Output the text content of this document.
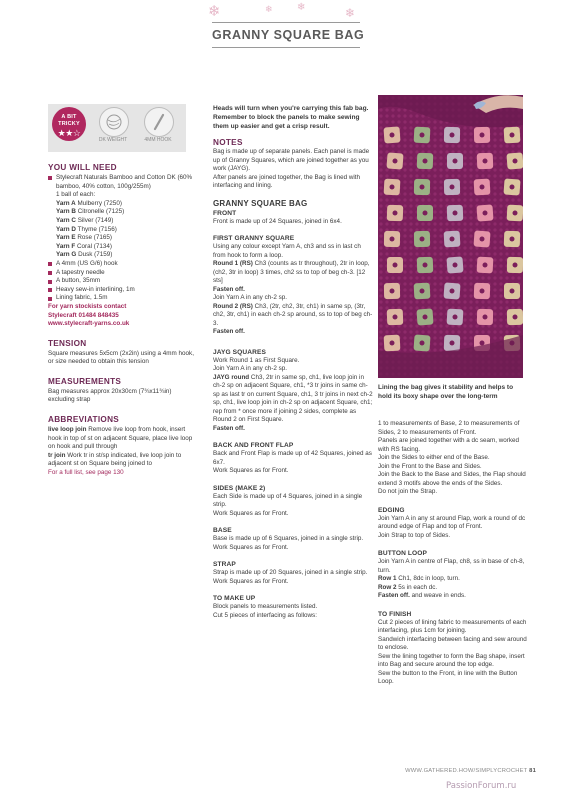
❄	❄ ❄	❄
GRANNY SQUARE BAG
A BIT
TRICKY
★★☆
DK WEIGHT	4MM HOOK
YOU WILL NEED
Stylecraft Naturals Bamboo and Cotton DK (60% bamboo, 40% cotton, 100g/255m)
1 ball of each:
Yarn A Mulberry (7250)
Yarn B Citronelle (7125)
Yarn C Silver (7149)
Yarn D Thyme (7156)
Yarn E Rose (7165)
Yarn F Coral (7134)
Yarn G Dusk (7159)
A 4mm (US G/6) hook
A tapestry needle
A button, 35mm
Heavy sew-in interlining, 1m
Lining fabric, 1.5m
For yarn stockists contact
Stylecraft 01484 848435
www.stylecraft-yarns.co.uk
TENSION
Square measures 5x5cm (2x2in) using a 4mm hook, or size needed to obtain this tension
MEASUREMENTS
Bag measures approx 20x30cm (7¾x11¾in) excluding strap
ABBREVIATIONS
live loop join Remove live loop from hook, insert hook in top of st on adjacent Square, place live loop on hook and pull through
tr join Work tr in st/sp indicated, live loop join to adjacent st on Square being joined to
For a full list, see page 130

Heads will turn when you're carrying this fab bag. Remember to block the panels to make sewing them up easier and get a crisp result.

NOTES

Bag is made up of separate panels. Each panel is made up of Granny Squares, which are joined together as you work (JAYG).

After panels are joined together, the Bag is lined with interfacing and lining.

GRANNY SQUARE BAG
FRONT

Front is made up of 24 Squares, joined in 6x4.

FIRST GRANNY SQUARE

Using any colour except Yarn A, ch3 and ss in last ch from hook to form a loop.

Round 1 (RS) Ch3 (counts as tr throughout), 2tr in loop, (ch2, 3tr in loop) 3 times, ch2 ss to top of beg ch-3. [12 sts]

Fasten off.

Join Yarn A in any ch-2 sp.

Round 2 (RS) Ch3, (2tr, ch2, 3tr, ch1) in same sp, (3tr, ch2, 3tr, ch1) in each ch-2 sp around, ss to top of beg ch-3.

Fasten off.

JAYG SQUARES

Work Round 1 as First Square.

Join Yarn A in any ch-2 sp.

JAYG round Ch3, 2tr in same sp, ch1, live loop join in ch-2 sp on adjacent Square, ch1, *3 tr joins in same ch-sp as last tr on current Square, ch1, 3 tr joins in next ch-2 sp, ch1, live loop join in ch-2 sp on adjacent Square, ch1; rep from * once more if joining 2 sides, complete as Round 2 on First Square.

Fasten off.

BACK AND FRONT FLAP

Back and Front Flap is made up of 42 Squares, joined as 6x7.

Work Squares as for Front.

SIDES (MAKE 2)

Each Side is made up of 4 Squares, joined in a single strip.

Work Squares as for Front.

BASE

Base is made up of 6 Squares, joined in a single strip.

Work Squares as for Front.

STRAP

Strap is made up of 20 Squares, joined in a single strip.

Work Squares as for Front.

TO MAKE UP

Block panels to measurements listed.

Cut 5 pieces of interfacing as follows:

Lining the bag gives it stability and helps to hold its boxy shape over the long-term

1 to measurements of Base, 2 to measurements of Sides, 2 to measurements of Front.

Panels are joined together with a dc seam, worked with RS facing.

Join the Sides to either end of the Base.

Join the Front to the Base and Sides.

Join the Back to the Base and Sides, the Flap should extend 3 motifs above the ends of the Sides.

Do not join the Strap.

EDGING

Join Yarn A in any st around Flap, work a round of dc around edge of Flap and top of Front.

Join Strap to top of Sides.

BUTTON LOOP

Join Yarn A in centre of Flap, ch8, ss in base of ch-8, turn.

Row 1 Ch1, 8dc in loop, turn.

Row 2 5s in each dc.

Fasten off. and weave in ends.

TO FINISH

Cut 2 pieces of lining fabric to measurements of each interfacing, plus 1cm for joining.

Sandwich interfacing between facing and sew around to enclose.

Sew the lining together to form the Bag shape, insert into Bag and secure around the top edge.

Sew the button to the Front, in line with the Button Loop.

WWW.GATHERED.HOW/SIMPLYCROCHET 81
PassionForum.ru
